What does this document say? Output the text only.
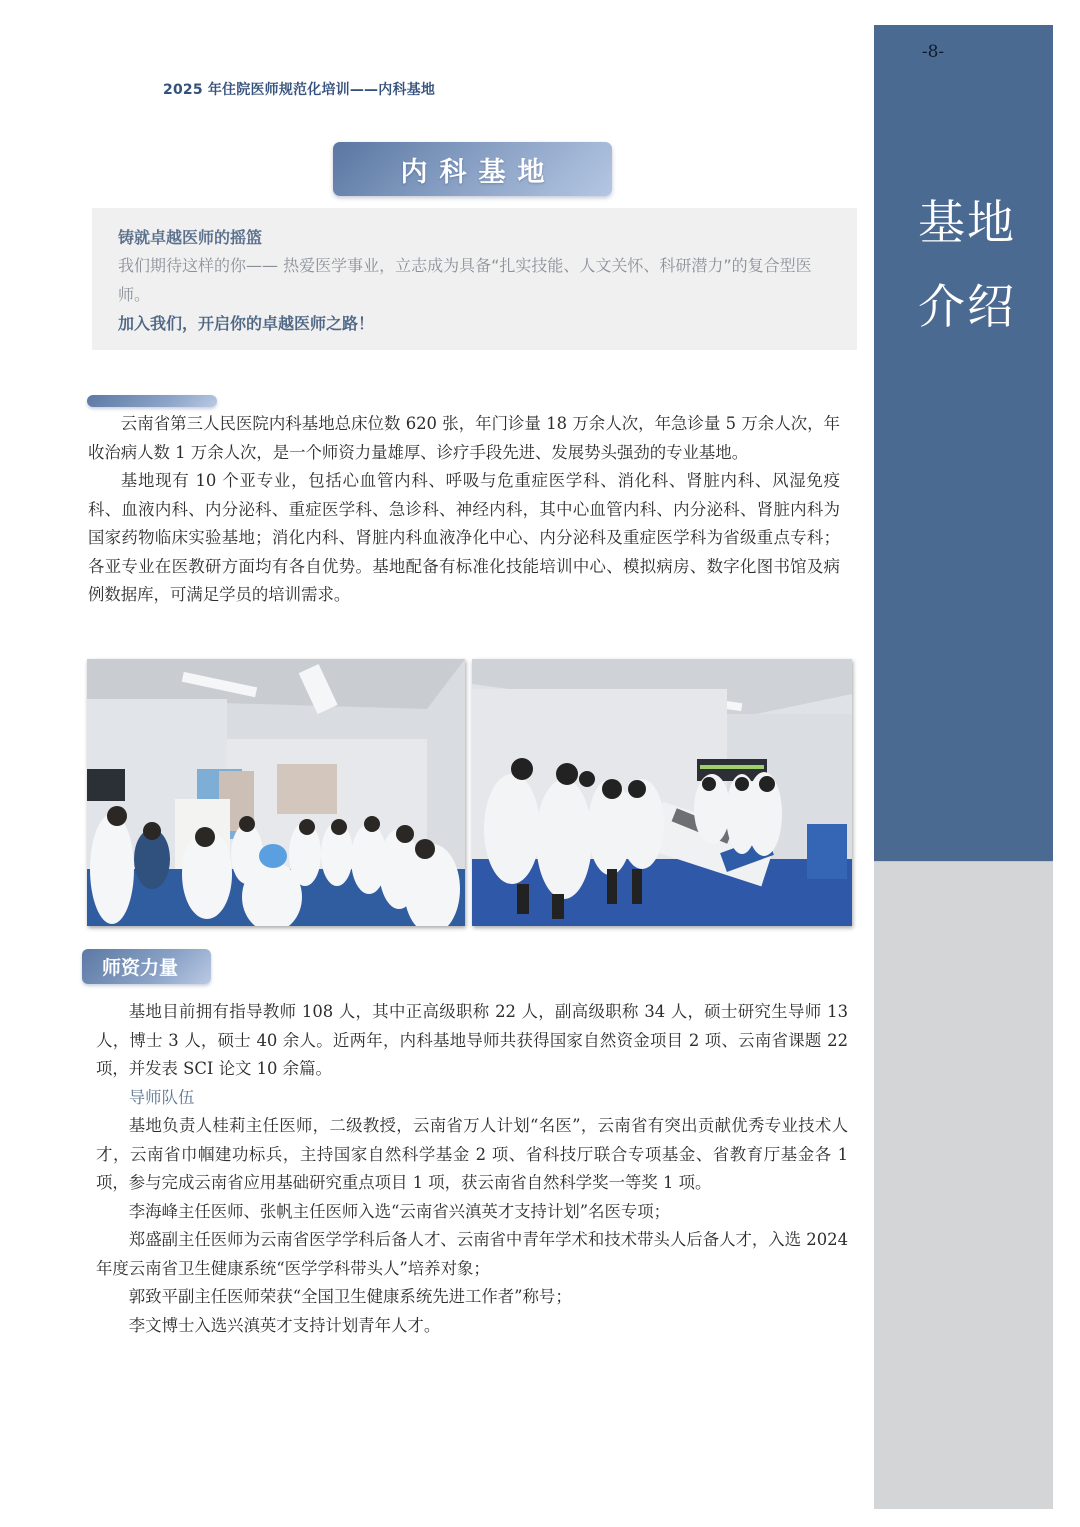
2025 年住院医师规范化培训——内科基地
内科基地
铸就卓越医师的摇篮
我们期待这样的你—— 热爱医学事业，立志成为具备“扎实技能、人文关怀、科研潜力”的复合型医师。
加入我们，开启你的卓越医师之路！

云南省第三人民医院内科基地总床位数 620 张，年门诊量 18 万余人次，年急诊量 5 万余人次，年收治病人数 1 万余人次，是一个师资力量雄厚、诊疗手段先进、发展势头强劲的专业基地。

基地现有 10 个亚专业，包括心血管内科、呼吸与危重症医学科、消化科、肾脏内科、风湿免疫科、血液内科、内分泌科、重症医学科、急诊科、神经内科，其中心血管内科、内分泌科、肾脏内科为国家药物临床实验基地；消化内科、肾脏内科血液净化中心、内分泌科及重症医学科为省级重点专科；各亚专业在医教研方面均有各自优势。基地配备有标准化技能培训中心、模拟病房、数字化图书馆及病例数据库，可满足学员的培训需求。

师资力量

基地目前拥有指导教师 108 人，其中正高级职称 22 人，副高级职称 34 人，硕士研究生导师 13 人，博士 3 人，硕士 40 余人。近两年，内科基地导师共获得国家自然资金项目 2 项、云南省课题 22 项，并发表 SCI 论文 10 余篇。

导师队伍

基地负责人桂莉主任医师，二级教授，云南省万人计划“名医”，云南省有突出贡献优秀专业技术人才，云南省巾帼建功标兵，主持国家自然科学基金 2 项、省科技厅联合专项基金、省教育厅基金各 1 项，参与完成云南省应用基础研究重点项目 1 项，获云南省自然科学奖一等奖 1 项。

李海峰主任医师、张帆主任医师入选“云南省兴滇英才支持计划”名医专项；

郑盛副主任医师为云南省医学学科后备人才、云南省中青年学术和技术带头人后备人才，入选 2024 年度云南省卫生健康系统“医学学科带头人”培养对象；

郭致平副主任医师荣获“全国卫生健康系统先进工作者”称号；

李文博士入选兴滇英才支持计划青年人才。

-8-
基地
介绍
